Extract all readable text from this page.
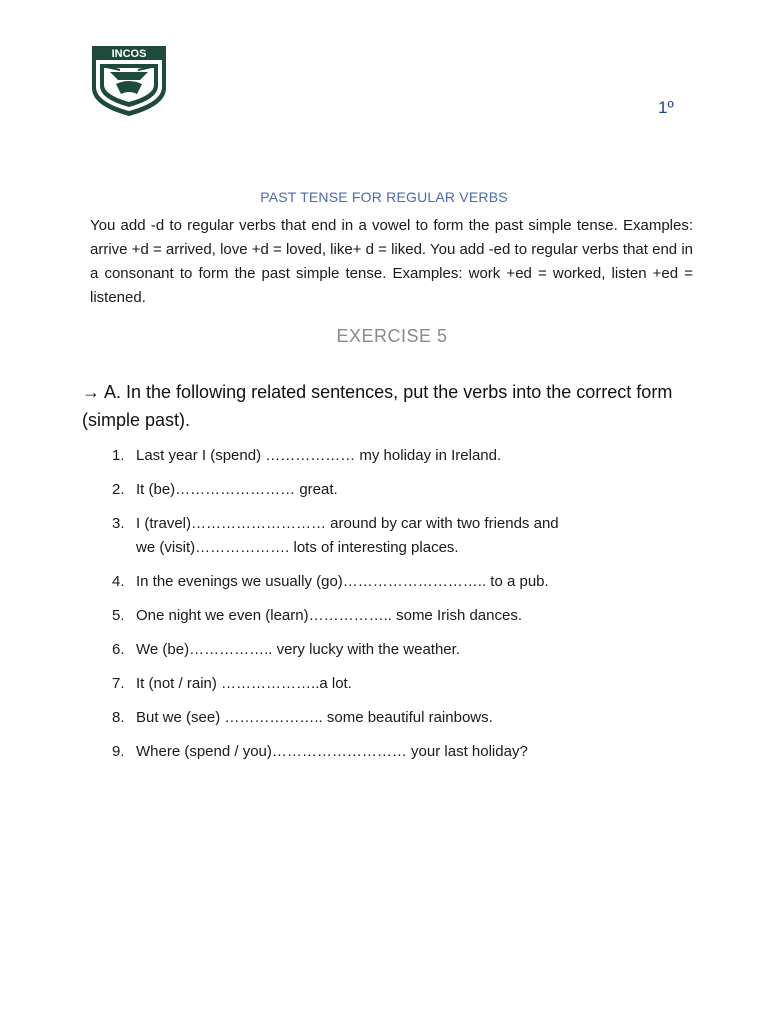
INCOS
1º
PAST TENSE FOR REGULAR VERBS
You add -d to regular verbs that end in a vowel to form the past simple tense. Examples: arrive +d = arrived, love +d = loved, like+ d = liked. You add -ed to regular verbs that end in a consonant to form the past simple tense. Examples: work +ed = worked, listen +ed = listened.
EXERCISE 5
→ A. In the following related sentences, put the verbs into the correct form (simple past).
1. Last year I (spend) ……………… my holiday in Ireland.
2. It (be)…………………… great.
3. I (travel)……………………… around by car with two friends and
we (visit)………………. lots of interesting places.
4. In the evenings we usually (go)……………………….. to a pub.
5. One night we even (learn)…………….. some Irish dances.
6. We (be)…………….. very lucky with the weather.
7. It (not / rain) ………………..a lot.
8. But we (see) ……………….. some beautiful rainbows.
9. Where (spend / you)……………………… your last holiday?
